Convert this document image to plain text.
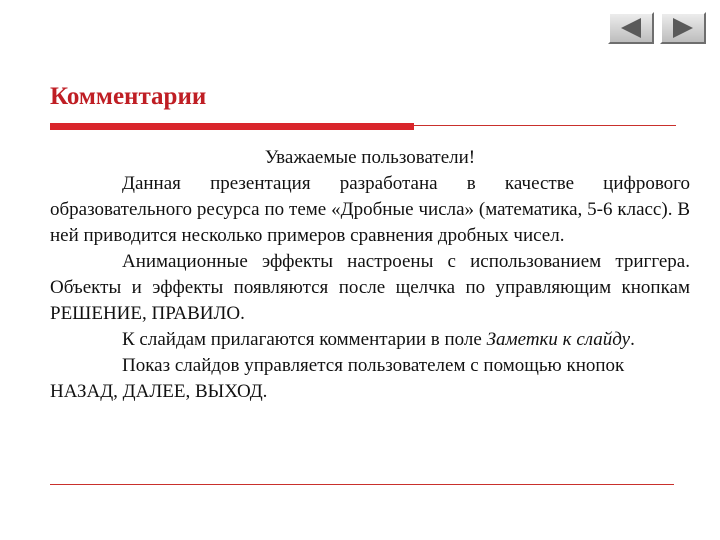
Комментарии

Уважаемые пользователи!

Данная презентация разработана в качестве цифрового образовательного ресурса по теме «Дробные числа» (математика, 5-6 класс). В ней приводится несколько примеров сравнения дробных чисел.

Анимационные эффекты настроены с использованием триггера. Объекты и эффекты появляются после щелчка по управляющим кнопкам РЕШЕНИЕ, ПРАВИЛО.

К слайдам прилагаются комментарии в поле Заметки к слайду.

Показ слайдов управляется пользователем с помощью кнопок НАЗАД, ДАЛЕЕ, ВЫХОД.
